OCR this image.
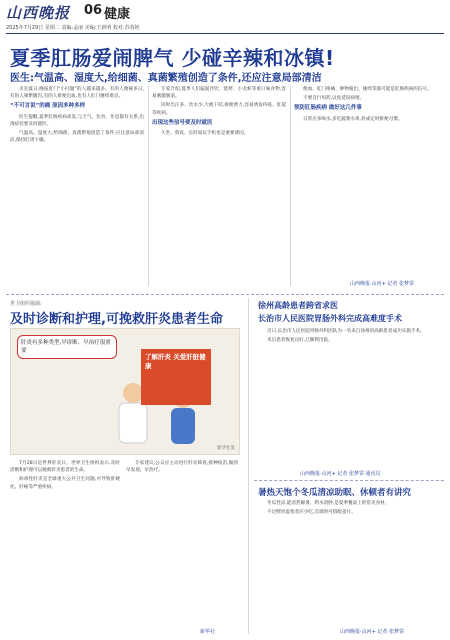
山西晚报 06 健康
2025年7月29日 星期二 责编:孟丽 美编:王新明 校对:苏春艳
夏季肛肠爱闹脾气 少碰辛辣和冰镇!
医生:气温高、湿度大,给细菌、真菌繁殖创造了条件,还应注意局部清洁

炎炎夏日,晚报肛门“小问题”的人越来越多。有的人便秘多日,有的人频繁腹泻,有的人排便出血,也有人肛门瘙痒难忍。

“不可言说”的痛 原因多种多样

医生提醒,夏季肛肠疾病高发,与天气、饮食、作息都有关系,出现症状要及时就医。

气温高、湿度大,给细菌、真菌繁殖创造了条件,应注意局部清洁,保持肛周干燥。

专家介绍,夏季人们偏爱冷饮、烧烤、小龙虾等重口味食物,容易刺激肠道。

同时出汗多、饮水少,大便干结,排便费力,容易诱发痔疮、肛裂等疾病。

出现这些信号要及时就医

久坐、熬夜、长时间玩手机也是重要诱因。

便血、肛门疼痛、肿物脱出、瘙痒等都可能是肛肠疾病的信号。

不要自行用药,以免延误病情。

预防肛肠疾病 做好这几件事

日常应多喝水,多吃蔬菜水果,养成定时排便习惯。

山西晚报·山河+ 记者 张梦霏
世卫组织强调:
及时诊断和护理,可挽救肝炎患者生命
肝炎有多种类型,早诊断、早治疗很重要
了解肝炎 关爱肝脏健康
新华社发

7月28日是世界肝炎日。世界卫生组织表示,及时诊断和护理可以挽救肝炎患者的生命。

病毒性肝炎是全球重大公共卫生问题,可导致肝硬化、肝癌等严重疾病。

专家建议,公众应主动进行肝炎筛查,接种疫苗,做到早发现、早治疗。

新华社
徐州高龄患者跨省求医
长治市人民医院胃肠外科完成高难度手术

近日,长治市人民医院胃肠外科团队为一名来自徐州的高龄患者成功实施手术。

术后患者恢复良好,已顺利出院。

山西晚报·山河+ 记者 张梦霏 通讯员
暑热天饱个冬瓜清凉助眠、休顿者有讲究

冬瓜性凉,能清热解暑、利水消肿,是夏季餐桌上的常见食材。

不过脾胃虚寒者应少吃,烹调时可搭配姜片。

山西晚报·山河+ 记者 张梦霏
